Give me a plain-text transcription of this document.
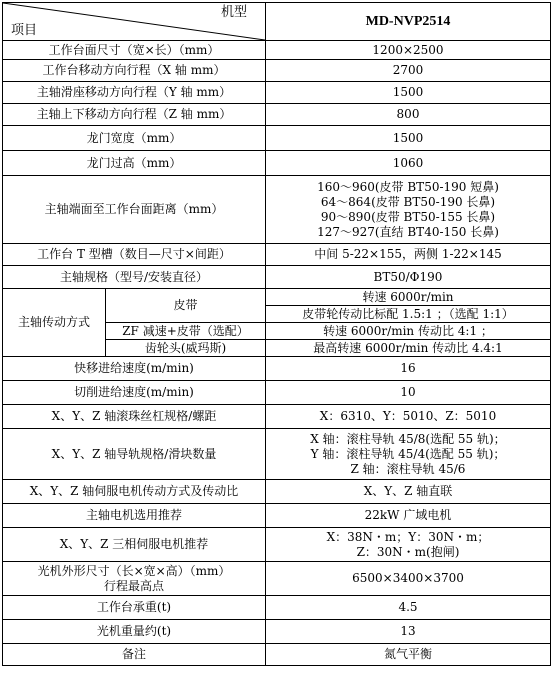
机型
项目		MD-NVP2514
工作台面尺寸（宽×长）（mm）		1200×2500
工作台移动方向行程（X 轴 mm）		2700
主轴滑座移动方向行程（Y 轴 mm）		1500
主轴上下移动方向行程（Z 轴 mm）		800
龙门宽度（mm）		1500
龙门过高（mm）		1060
主轴端面至工作台面距离（mm）		160～960(皮带 BT50-190 短鼻)
64～864(皮带 BT50-190 长鼻)
90～890(皮带 BT50-155 长鼻)
127～927(直结 BT40-150 长鼻)

工作台 T 型槽（数目—尺寸×间距）		中间 5-22×155，两侧 1-22×145
主轴规格（型号/安装直径）		BT50/Φ190
主轴传动方式	皮带	转速 6000r/min
		皮带轮传动比标配 1.5:1 ；（选配 1:1）
	ZF 减速+皮带（选配）	转速 6000r/min 传动比 4:1 ；
	齿轮头(威玛斯)	最高转速 6000r/min 传动比 4.4:1
快移进给速度(m/min)		16
切削进给速度(m/min)		10
X、Y、Z 轴滚珠丝杠规格/螺距		X：6310、Y：5010、Z：5010
X、Y、Z 轴导轨规格/滑块数量		X 轴：滚柱导轨 45/8(选配 55 轨)；
Y 轴：滚柱导轨 45/4(选配 55 轨)；
Z 轴：滚柱导轨 45/6

X、Y、Z 轴伺服电机传动方式及传动比		X、Y、Z 轴直联
主轴电机选用推荐		22kW 广域电机
X、Y、Z 三相伺服电机推荐		X：38N・m；Y：30N・m；
Z：30N・m(抱闸)

光机外形尺寸（长×宽×高）（mm）
行程最高点		6500×3400×3700
工作台承重(t)		4.5
光机重量约(t)		13
备注		氮气平衡
